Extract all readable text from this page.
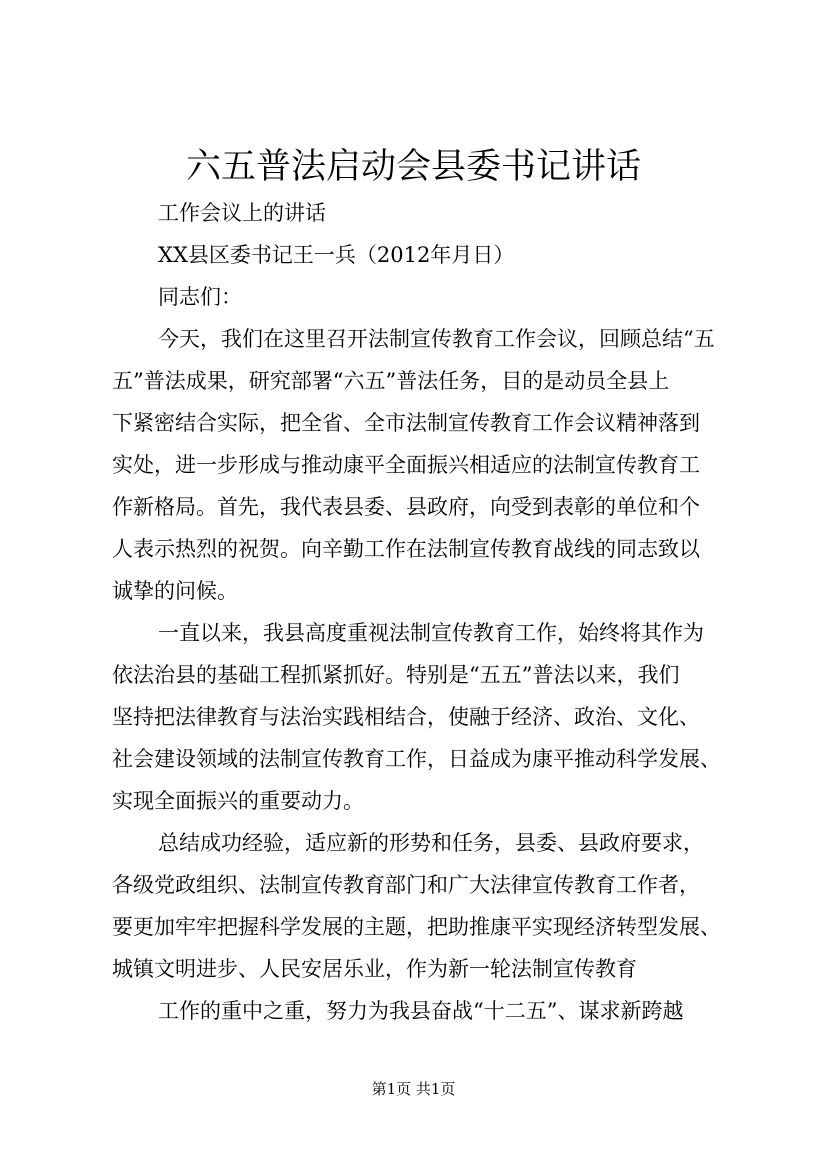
六五普法启动会县委书记讲话
工作会议上的讲话
XX县区委书记王一兵（2012年月日）
同志们：
今天，我们在这里召开法制宣传教育工作会议，回顾总结“五
五”普法成果，研究部署“六五”普法任务，目的是动员全县上
下紧密结合实际，把全省、全市法制宣传教育工作会议精神落到
实处，进一步形成与推动康平全面振兴相适应的法制宣传教育工
作新格局。首先，我代表县委、县政府，向受到表彰的单位和个
人表示热烈的祝贺。向辛勤工作在法制宣传教育战线的同志致以
诚挚的问候。
一直以来，我县高度重视法制宣传教育工作，始终将其作为
依法治县的基础工程抓紧抓好。特别是“五五”普法以来，我们
坚持把法律教育与法治实践相结合，使融于经济、政治、文化、
社会建设领域的法制宣传教育工作，日益成为康平推动科学发展、
实现全面振兴的重要动力。
总结成功经验，适应新的形势和任务，县委、县政府要求，
各级党政组织、法制宣传教育部门和广大法律宣传教育工作者，
要更加牢牢把握科学发展的主题，把助推康平实现经济转型发展、
城镇文明进步、人民安居乐业，作为新一轮法制宣传教育
工作的重中之重，努力为我县奋战“十二五”、谋求新跨越
第1页 共1页
